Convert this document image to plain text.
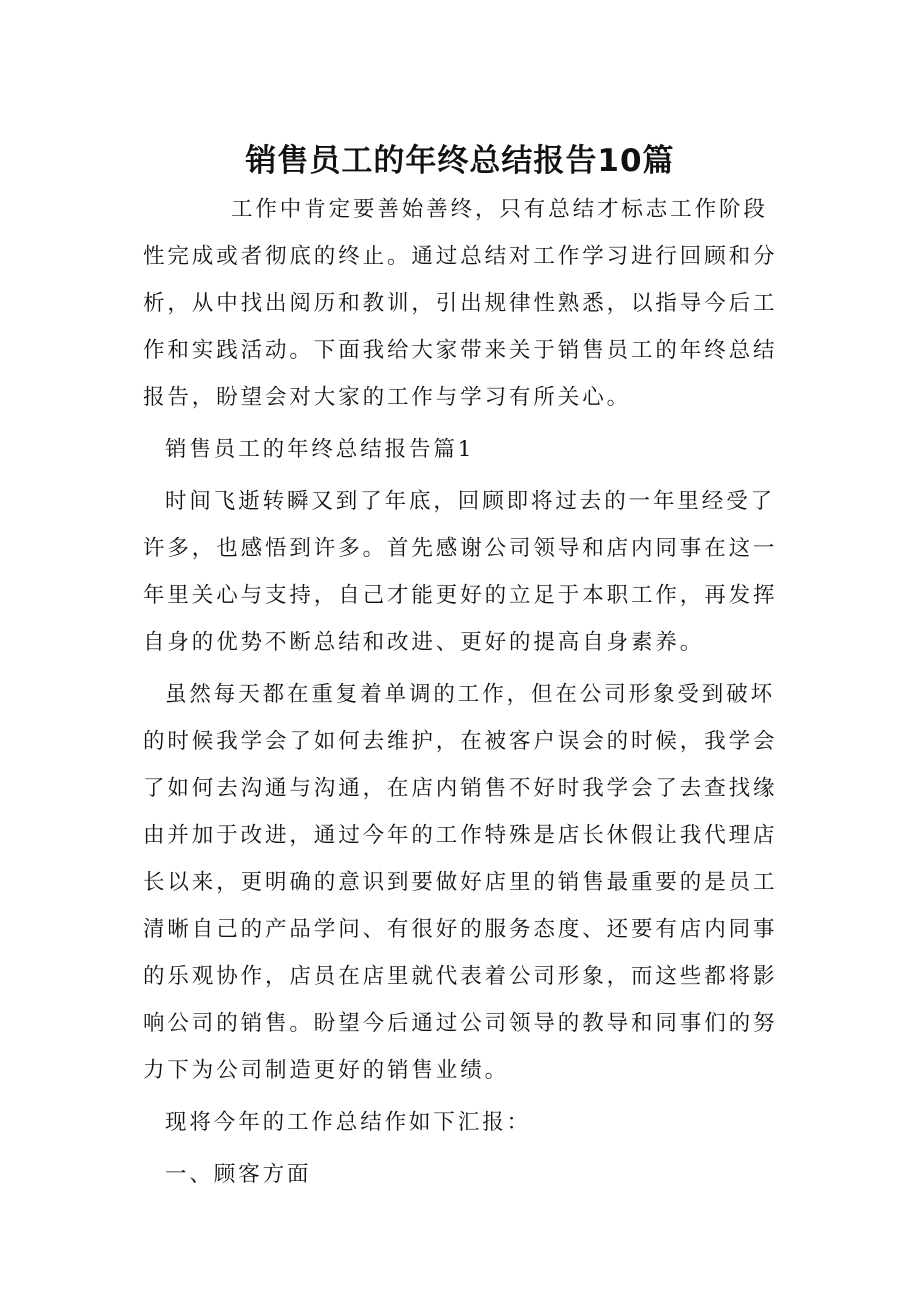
销售员工的年终总结报告10篇

工作中肯定要善始善终，只有总结才标志工作阶段
性完成或者彻底的终止。通过总结对工作学习进行回顾和分
析，从中找出阅历和教训，引出规律性熟悉，以指导今后工
作和实践活动。下面我给大家带来关于销售员工的年终总结
报告，盼望会对大家的工作与学习有所关心。

销售员工的年终总结报告篇1

时间飞逝转瞬又到了年底，回顾即将过去的一年里经受了
许多，也感悟到许多。首先感谢公司领导和店内同事在这一
年里关心与支持，自己才能更好的立足于本职工作，再发挥
自身的优势不断总结和改进、更好的提高自身素养。

虽然每天都在重复着单调的工作，但在公司形象受到破坏
的时候我学会了如何去维护，在被客户误会的时候，我学会
了如何去沟通与沟通，在店内销售不好时我学会了去查找缘
由并加于改进，通过今年的工作特殊是店长休假让我代理店
长以来，更明确的意识到要做好店里的销售最重要的是员工
清晰自己的产品学问、有很好的服务态度、还要有店内同事
的乐观协作，店员在店里就代表着公司形象，而这些都将影
响公司的销售。盼望今后通过公司领导的教导和同事们的努
力下为公司制造更好的销售业绩。

现将今年的工作总结作如下汇报：

一、顾客方面
